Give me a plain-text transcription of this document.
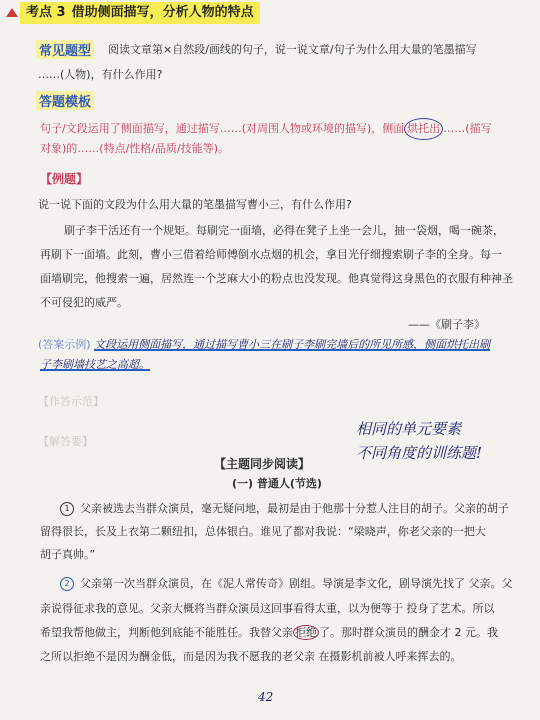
考点 3 借助侧面描写，分析人物的特点
常见题型 阅读文章第×自然段/画线的句子，说一说文章/句子为什么用大量的笔墨描写
……(人物)，有什么作用?
答题模板
句子/文段运用了侧面描写，通过描写……(对周围人物或环境的描写)，侧面 烘托出 ……(描写
对象)的……(特点/性格/品质/技能等)。
【例题】
说一说下面的文段为什么用大量的笔墨描写曹小三，有什么作用?
刷子李干活还有一个规矩。每刷完一面墙，必得在凳子上坐一会儿，抽一袋烟，喝一碗茶，
再刷下一面墙。此刻，曹小三借着给师傅倒水点烟的机会，拿目光仔细搜索刷子李的全身。每一
面墙刷完，他搜索一遍，居然连一个芝麻大小的粉点也没发现。他真觉得这身黑色的衣服有种神圣
不可侵犯的威严。
——《刷子李》
(答案示例) 文段运用侧面描写，通过描写曹小三在刷子李刷完墙后的所见所感，侧面烘托出刷
子李刷墙技艺之高超。
【作答示范】
【解答要】
相同的单元要素
不同角度的训练题!
【主题同步阅读】
(一) 普通人(节选)
1 父亲被选去当群众演员，毫无疑问地，最初是由于他那十分惹人注目的胡子。父亲的胡子
留得很长，长及上衣第二颗纽扣，总体银白。谁见了都对我说：“梁晓声，你老父亲的一把大
胡子真帅。”
2 父亲第一次当群众演员，在《泥人常传奇》剧组。导演是李文化，剧导演先找了 父亲。父
亲说得征求我的意见。父亲大概将当群众演员这回事看得太重，以为便等于 投身了艺术。所以
希望我帮他做主，判断他到底能不能胜任。我替父亲 拒绝 了。那时群众演员的酬金才 2 元。我
之所以拒绝不是因为酬金低，而是因为我不愿我的老父亲 在摄影机前被人呼来挥去的。
42
